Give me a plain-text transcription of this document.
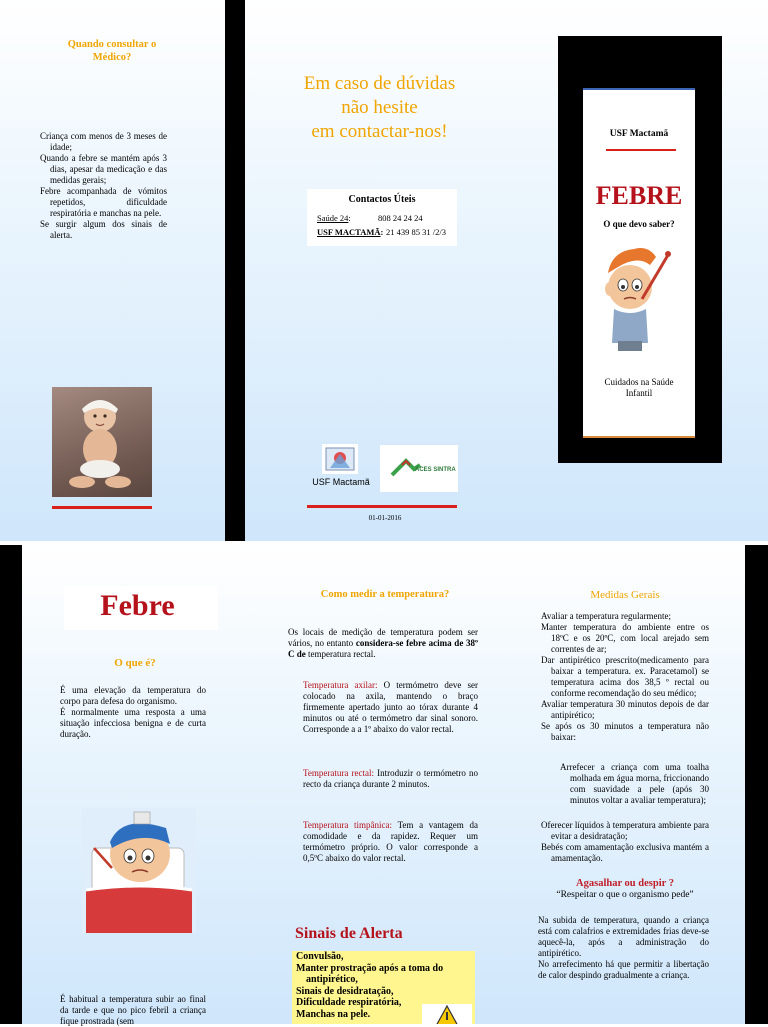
Quando consultar o Médico?

Criança com menos de 3 meses de idade;

Quando a febre se mantém após 3 dias, apesar da medicação e das medidas gerais;

Febre acompanhada de vómitos repetidos, dificuldade respiratória e manchas na pele.

Se surgir algum dos sinais de alerta.

Em caso de dúvidas
não hesite
em contactar-nos!
Contactos Úteis
Saúde 24:	808 24 24 24
USF MACTAMÃ: 21 439 85 31 /2/3
USF Mactamã
ACES SINTRA
01-01-2016
USF Mactamã
FEBRE
O que devo saber?
Cuidados na Saúde Infantil
Febre
O que é?
É uma elevação da temperatura do corpo para defesa do organismo.
É normalmente uma resposta a uma situação infecciosa benigna e de curta duração.
É habitual a temperatura subir ao final da tarde e que no pico febril a criança fique prostrada (sem
Como medir a temperatura?
Os locais de medição de temperatura podem ser vários, no entanto considera-se febre acima de 38º C de temperatura rectal.
Temperatura axilar: O termómetro deve ser colocado na axila, mantendo o braço firmemente apertado junto ao tórax durante 4 minutos ou até o termómetro dar sinal sonoro. Corresponde a a 1º abaixo do valor rectal.
Temperatura rectal: Introduzir o termómetro no recto da criança durante 2 minutos.
Temperatura timpânica: Tem a vantagem da comodidade e da rapidez. Requer um termómetro próprio. O valor corresponde a 0,5ºC abaixo do valor rectal.
Sinais de Alerta

Convulsão,

Manter prostração após a toma do antipirético,

Sinais de desidratação,

Dificuldade respiratória,

Manchas na pele.

Medidas Gerais

Avaliar a temperatura regularmente;

Manter temperatura do ambiente entre os 18ºC e os 20ºC, com local arejado sem correntes de ar;

Dar antipirético prescrito(medicamento para baixar a temperatura. ex. Paracetamol) se temperatura acima dos 38,5 º rectal ou conforme recomendação do seu médico;

Avaliar temperatura 30 minutos depois de dar antipirético;

Se após os 30 minutos a temperatura não baixar:

Arrefecer a criança com uma toalha molhada em água morna, friccionando com suavidade a pele (após 30 minutos voltar a avaliar temperatura);

Oferecer líquidos à temperatura ambiente para evitar a desidratação;

Bebés com amamentação exclusiva mantém a amamentação.

Agasalhar ou despir ?
“Respeitar o que o organismo pede”
Na subida de temperatura, quando a criança está com calafrios e extremidades frias deve-se aquecê-la, após a administração do antipirético.
No arrefecimento há que permitir a libertação de calor despindo gradualmente a criança.
